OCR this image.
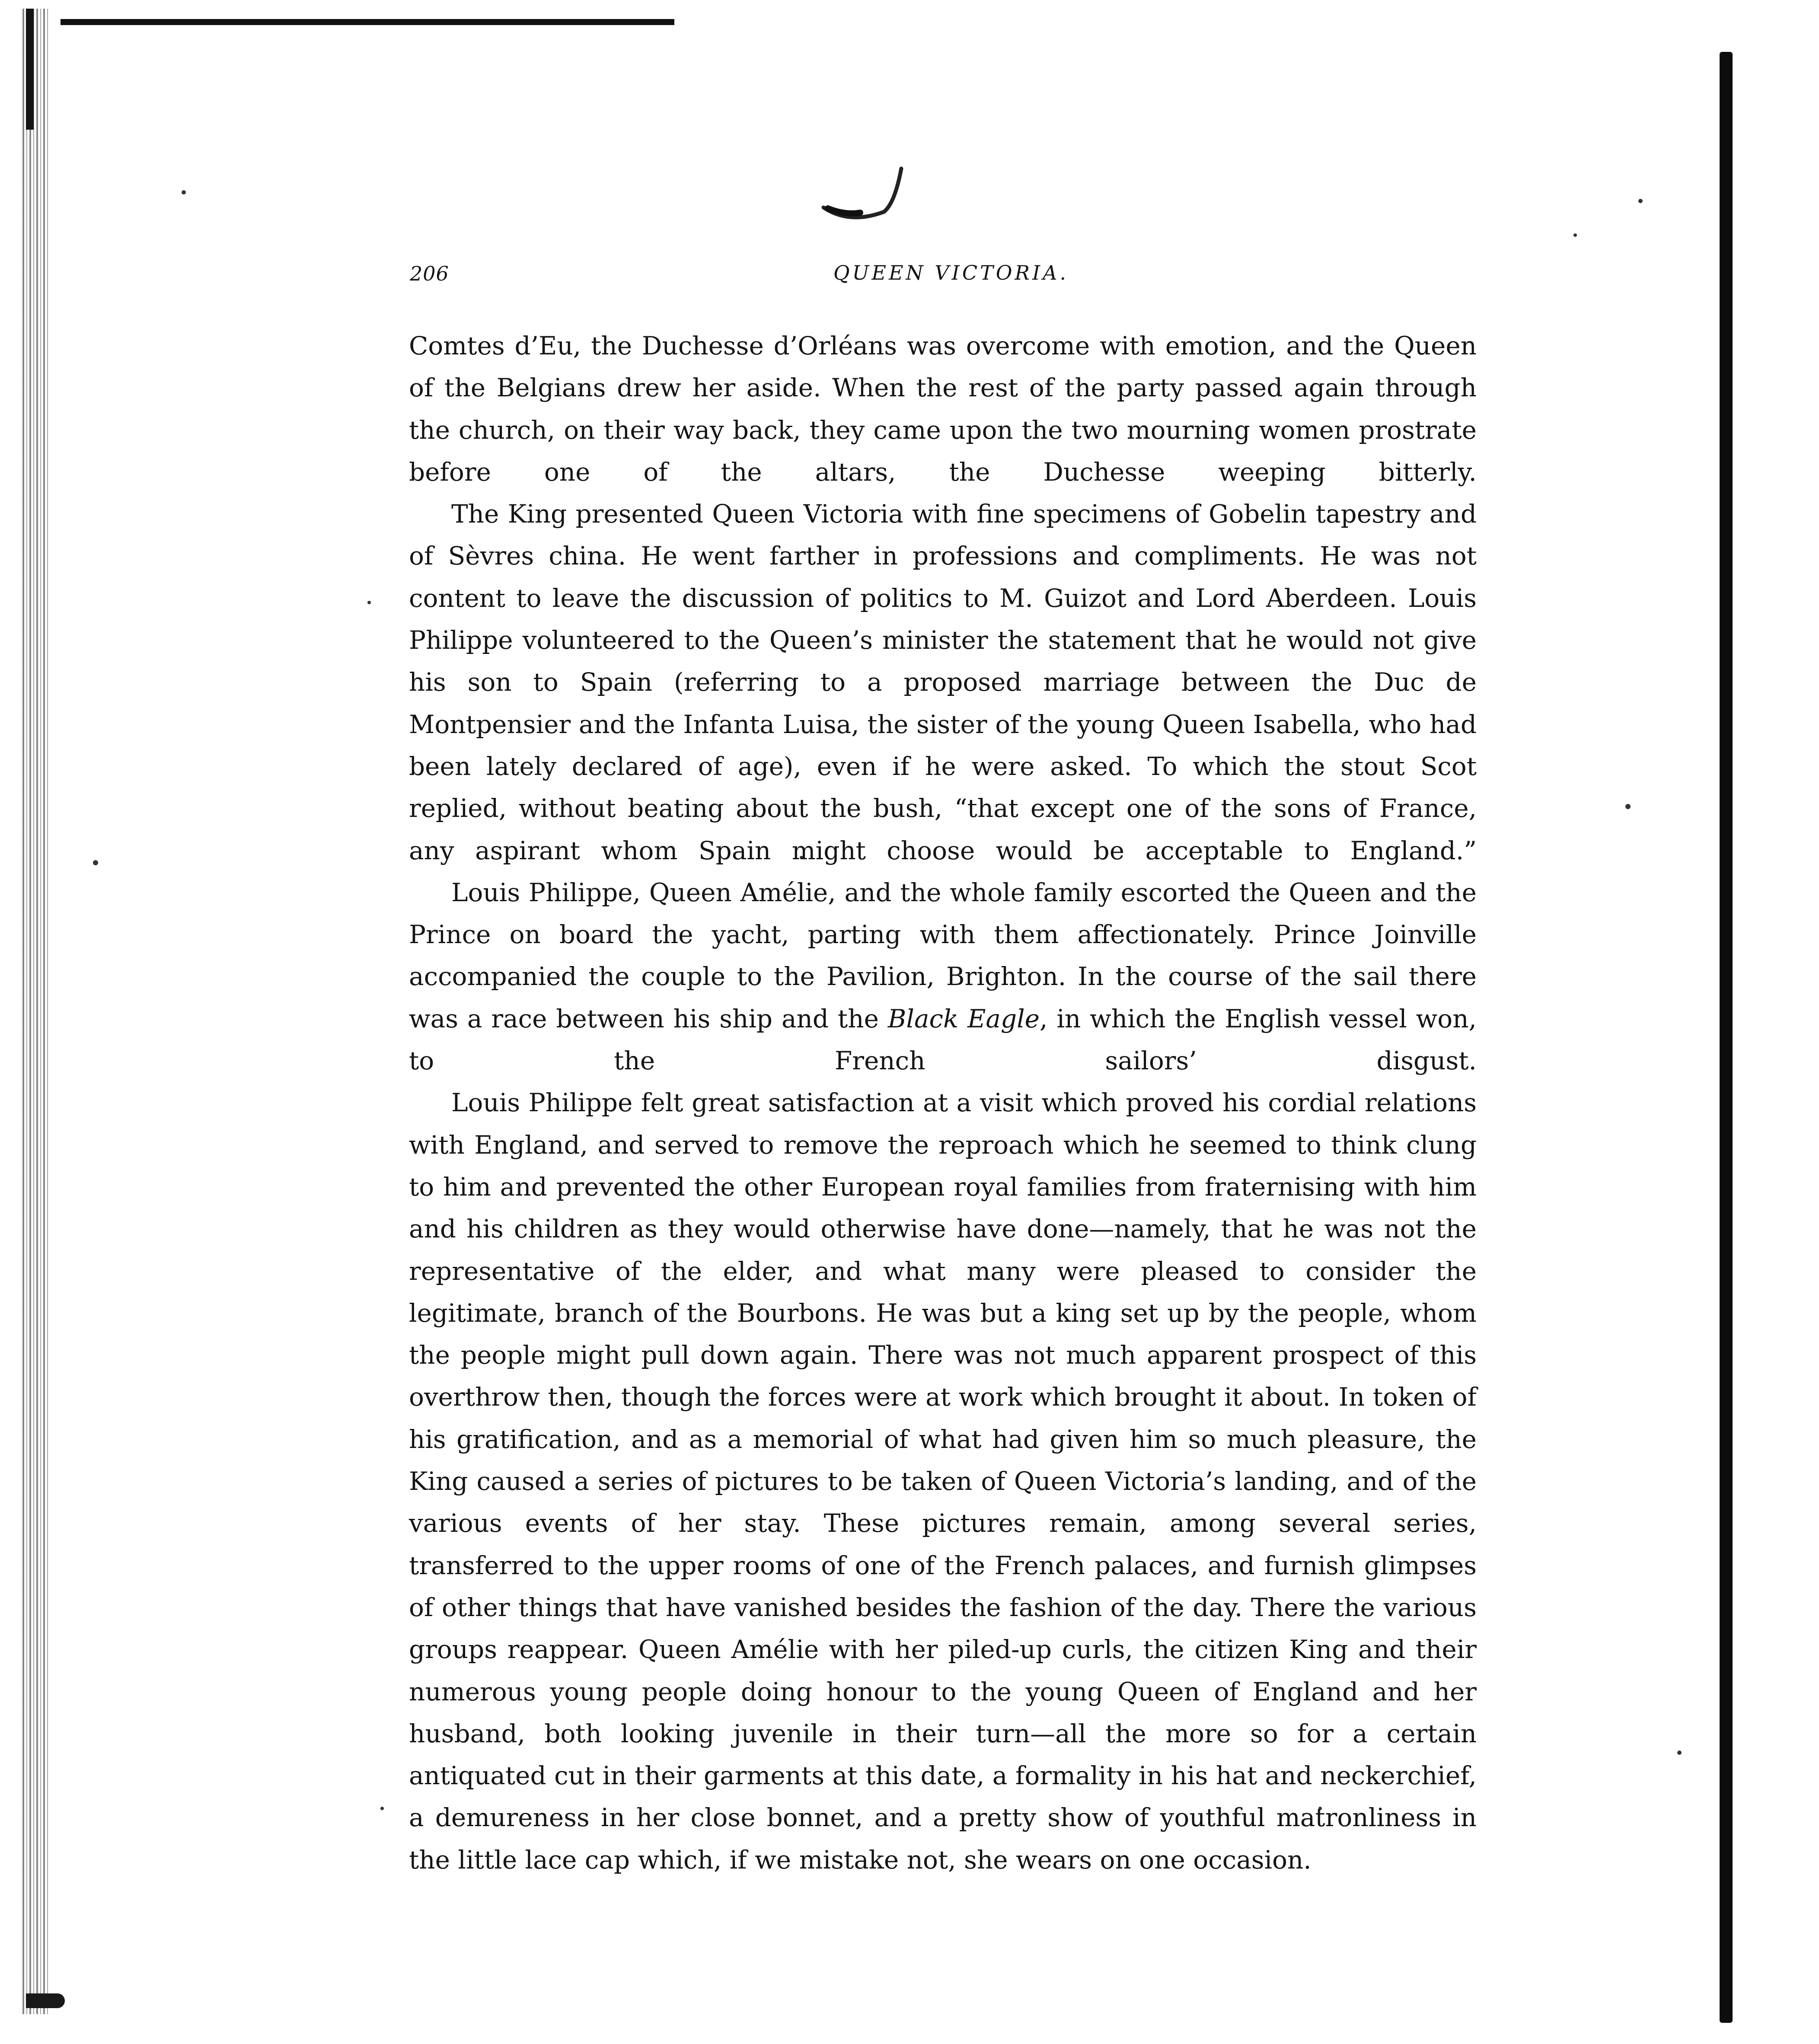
206	QUEEN VICTORIA.

Comtes d’Eu, the Duchesse d’Orléans was overcome with emotion, and the Queen of the Belgians drew her aside. When the rest of the party passed again through the church, on their way back, they came upon the two mourning women prostrate before one of the altars, the Duchesse weeping bitterly.

The King presented Queen Victoria with fine specimens of Gobelin tapestry and of Sèvres china. He went farther in professions and compliments. He was not content to leave the discussion of politics to M. Guizot and Lord Aberdeen. Louis Philippe volunteered to the Queen’s minister the statement that he would not give his son to Spain (referring to a proposed marriage between the Duc de Montpensier and the Infanta Luisa, the sister of the young Queen Isabella, who had been lately declared of age), even if he were asked. To which the stout Scot replied, without beating about the bush, “that except one of the sons of France, any aspirant whom Spain might choose would be acceptable to England.”

Louis Philippe, Queen Amélie, and the whole family escorted the Queen and the Prince on board the yacht, parting with them affectionately. Prince Joinville accompanied the couple to the Pavilion, Brighton. In the course of the sail there was a race between his ship and the Black Eagle, in which the English vessel won, to the French sailors’ disgust.

Louis Philippe felt great satisfaction at a visit which proved his cordial relations with England, and served to remove the reproach which he seemed to think clung to him and prevented the other European royal families from fraternising with him and his children as they would otherwise have done—namely, that he was not the representative of the elder, and what many were pleased to consider the legitimate, branch of the Bourbons. He was but a king set up by the people, whom the people might pull down again. There was not much apparent prospect of this overthrow then, though the forces were at work which brought it about. In token of his gratification, and as a memorial of what had given him so much pleasure, the King caused a series of pictures to be taken of Queen Victoria’s landing, and of the various events of her stay. These pictures remain, among several series, transferred to the upper rooms of one of the French palaces, and furnish glimpses of other things that have vanished besides the fashion of the day. There the various groups reappear. Queen Amélie with her piled-up curls, the citizen King and their numerous young people doing honour to the young Queen of England and her husband, both looking juvenile in their turn—all the more so for a certain antiquated cut in their garments at this date, a formality in his hat and neckerchief, a demureness in her close bonnet, and a pretty show of youthful matronliness in the little lace cap which, if we mistake not, she wears on one occasion.
